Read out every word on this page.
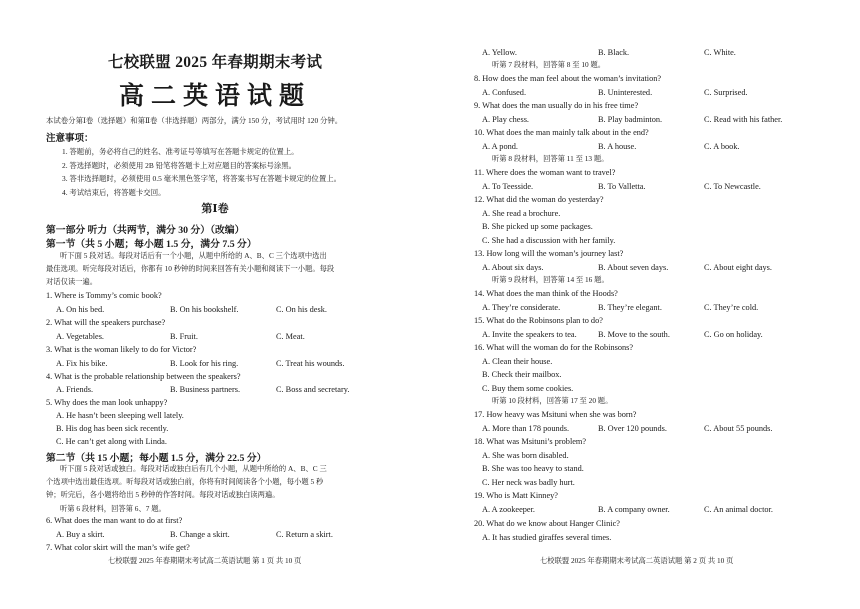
七校联盟 2025 年春期期末考试
高二英语试题
本试卷分第Ⅰ卷（选择题）和第Ⅱ卷（非选择题）两部分，满分 150 分，考试用时 120 分钟。
注意事项：
1. 答题前，务必将自己的姓名、准考证号等填写在答题卡规定的位置上。
2. 答选择题时，必须使用 2B 铅笔将答题卡上对应题目的答案标号涂黑。
3. 答非选择题时，必须使用 0.5 毫米黑色签字笔，将答案书写在答题卡规定的位置上。
4. 考试结束后，将答题卡交回。
第Ⅰ卷
第一部分 听力（共两节，满分 30 分）（改编）
第一节（共 5 小题；每小题 1.5 分，满分 7.5 分）
听下面 5 段对话。每段对话后有一个小题，从题中所给的 A、B、C 三个选项中选出
最佳选项。听完每段对话后，你都有 10 秒钟的时间来回答有关小题和阅读下一小题。每段
对话仅读一遍。
1. Where is Tommy’s comic book?
A. On his bed.	B. On his bookshelf.	C. On his desk.
2. What will the speakers purchase?
A. Vegetables.	B. Fruit.	C. Meat.
3. What is the woman likely to do for Victor?
A. Fix his bike.	B. Look for his ring.	C. Treat his wounds.
4. What is the probable relationship between the speakers?
A. Friends.	B. Business partners.	C. Boss and secretary.
5. Why does the man look unhappy?
A. He hasn’t been sleeping well lately.
B. His dog has been sick recently.
C. He can’t get along with Linda.
第二节（共 15 小题；每小题 1.5 分，满分 22.5 分）
听下面 5 段对话或独白。每段对话或独白后有几个小题，从题中所给的 A、B、C 三
个选项中选出最佳选项。听每段对话或独白前，你将有时间阅读各个小题，每小题 5 秒
钟；听完后，各小题将给出 5 秒钟的作答时间。每段对话或独白读两遍。
听第 6 段材料，回答第 6、7 题。
6. What does the man want to do at first?
A. Buy a skirt.	B. Change a skirt.	C. Return a skirt.
7. What color skirt will the man’s wife get?
七校联盟 2025 年春期期末考试高二英语试题 第 1 页 共 10 页
A. Yellow.	B. Black.	C. White.
听第 7 段材料，回答第 8 至 10 题。
8. How does the man feel about the woman’s invitation?
A. Confused.	B. Uninterested.	C. Surprised.
9. What does the man usually do in his free time?
A. Play chess.	B. Play badminton.	C. Read with his father.
10. What does the man mainly talk about in the end?
A. A pond.	B. A house.	C. A book.
听第 8 段材料，回答第 11 至 13 题。
11. Where does the woman want to travel?
A. To Teesside.	B. To Valletta.	C. To Newcastle.
12. What did the woman do yesterday?
A. She read a brochure.
B. She picked up some packages.
C. She had a discussion with her family.
13. How long will the woman’s journey last?
A. About six days.	B. About seven days.	C. About eight days.
听第 9 段材料，回答第 14 至 16 题。
14. What does the man think of the Hoods?
A. They’re considerate.	B. They’re elegant.	C. They’re cold.
15. What do the Robinsons plan to do?
A. Invite the speakers to tea.	B. Move to the south.	C. Go on holiday.
16. What will the woman do for the Robinsons?
A. Clean their house.
B. Check their mailbox.
C. Buy them some cookies.
听第 10 段材料，回答第 17 至 20 题。
17. How heavy was Msituni when she was born?
A. More than 178 pounds.	B. Over 120 pounds.	C. About 55 pounds.
18. What was Msituni’s problem?
A. She was born disabled.
B. She was too heavy to stand.
C. Her neck was badly hurt.
19. Who is Matt Kinney?
A. A zookeeper.	B. A company owner.	C. An animal doctor.
20. What do we know about Hanger Clinic?
A. It has studied giraffes several times.
七校联盟 2025 年春期期末考试高二英语试题 第 2 页 共 10 页
